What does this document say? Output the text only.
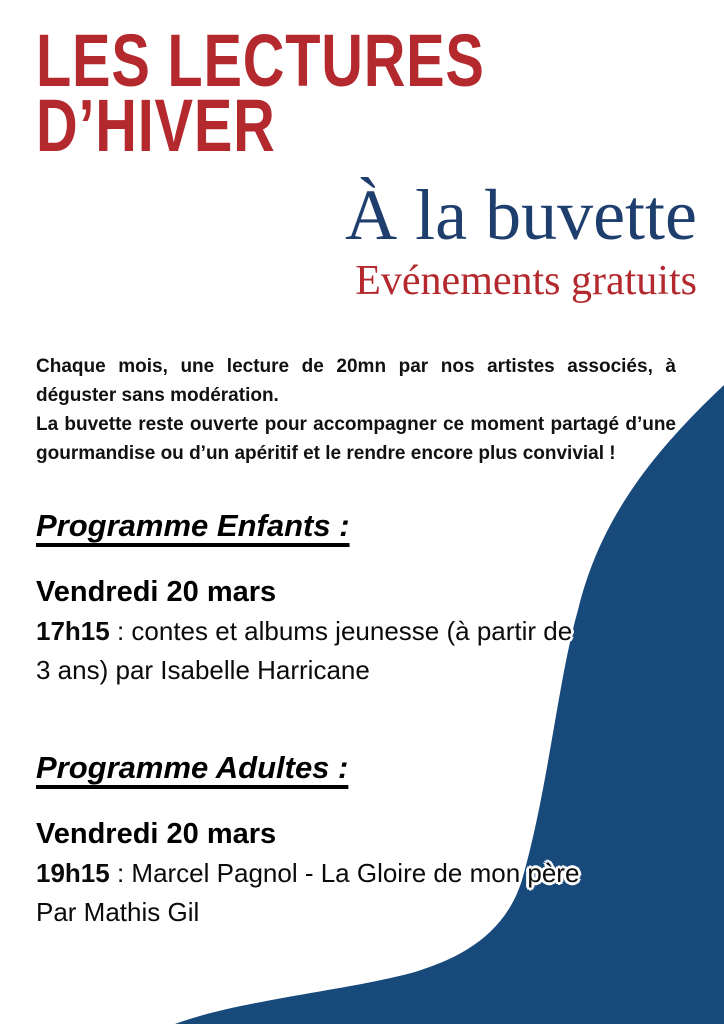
LES LECTURES
D’HIVER
À la buvette
Evénements gratuits
Chaque mois, une lecture de 20mn par nos artistes associés, à
déguster sans modération.
La buvette reste ouverte pour accompagner ce moment partagé d’une
gourmandise ou d’un apéritif et le rendre encore plus convivial !
Programme Enfants :
Vendredi 20 mars
17h15 : contes et albums jeunesse (à partir de
3 ans) par Isabelle Harricane
Programme Adultes :
Vendredi 20 mars
19h15 : Marcel Pagnol - La Gloire de mon père
Par Mathis Gil
